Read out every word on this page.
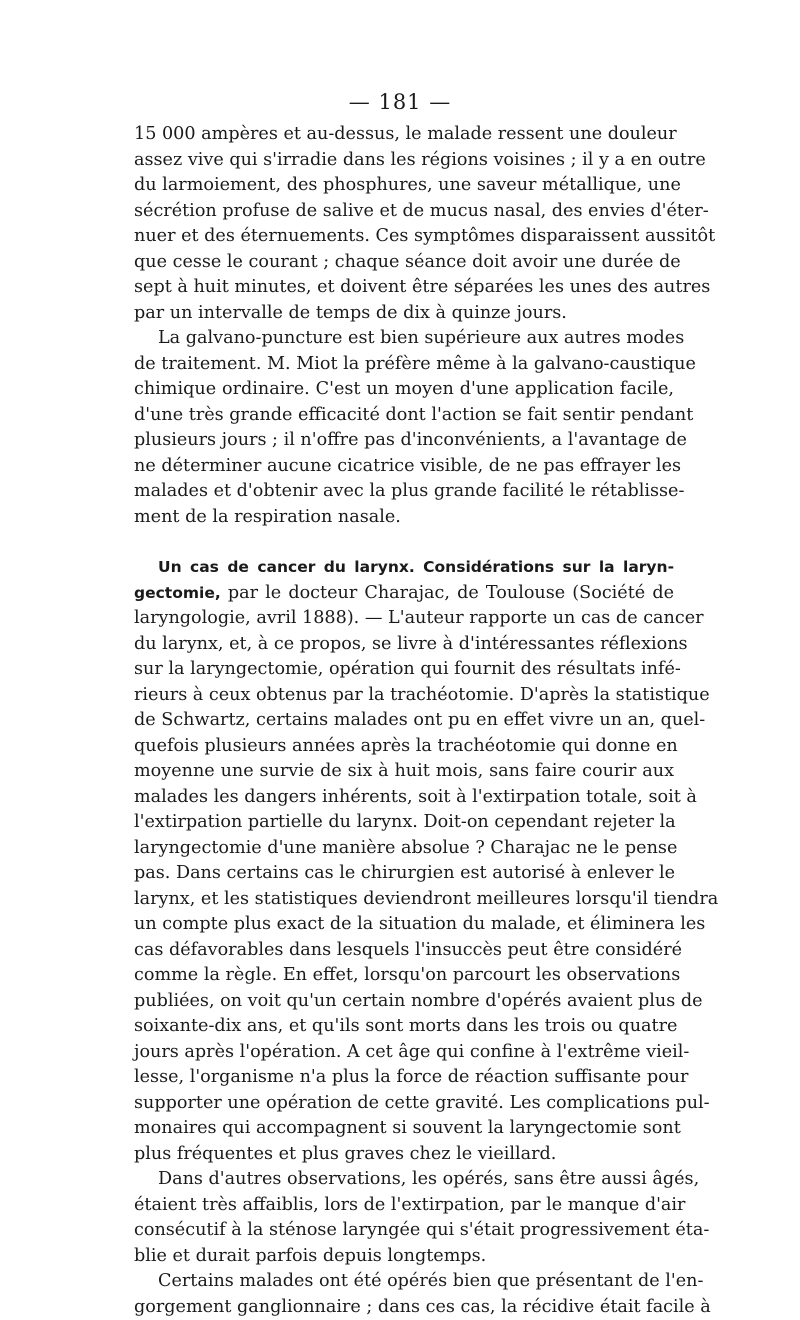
— 181 —
15 000 ampères et au-dessus, le malade ressent une douleur
assez vive qui s'irradie dans les régions voisines ; il y a en outre
du larmoiement, des phosphures, une saveur métallique, une
sécrétion profuse de salive et de mucus nasal, des envies d'éter-
nuer et des éternuements. Ces symptômes disparaissent aussitôt
que cesse le courant ; chaque séance doit avoir une durée de
sept à huit minutes, et doivent être séparées les unes des autres
par un intervalle de temps de dix à quinze jours.
La galvano-puncture est bien supérieure aux autres modes
de traitement. M. Miot la préfère même à la galvano-caustique
chimique ordinaire. C'est un moyen d'une application facile,
d'une très grande efficacité dont l'action se fait sentir pendant
plusieurs jours ; il n'offre pas d'inconvénients, a l'avantage de
ne déterminer aucune cicatrice visible, de ne pas effrayer les
malades et d'obtenir avec la plus grande facilité le rétablisse-
ment de la respiration nasale.
Un cas de cancer du larynx. Considérations sur la laryn-
gectomie, par le docteur Charajac, de Toulouse (Société de
laryngologie, avril 1888). — L'auteur rapporte un cas de cancer
du larynx, et, à ce propos, se livre à d'intéressantes réflexions
sur la laryngectomie, opération qui fournit des résultats infé-
rieurs à ceux obtenus par la trachéotomie. D'après la statistique
de Schwartz, certains malades ont pu en effet vivre un an, quel-
quefois plusieurs années après la trachéotomie qui donne en
moyenne une survie de six à huit mois, sans faire courir aux
malades les dangers inhérents, soit à l'extirpation totale, soit à
l'extirpation partielle du larynx. Doit-on cependant rejeter la
laryngectomie d'une manière absolue ? Charajac ne le pense
pas. Dans certains cas le chirurgien est autorisé à enlever le
larynx, et les statistiques deviendront meilleures lorsqu'il tiendra
un compte plus exact de la situation du malade, et éliminera les
cas défavorables dans lesquels l'insuccès peut être considéré
comme la règle. En effet, lorsqu'on parcourt les observations
publiées, on voit qu'un certain nombre d'opérés avaient plus de
soixante-dix ans, et qu'ils sont morts dans les trois ou quatre
jours après l'opération. A cet âge qui confine à l'extrême vieil-
lesse, l'organisme n'a plus la force de réaction suffisante pour
supporter une opération de cette gravité. Les complications pul-
monaires qui accompagnent si souvent la laryngectomie sont
plus fréquentes et plus graves chez le vieillard.
Dans d'autres observations, les opérés, sans être aussi âgés,
étaient très affaiblis, lors de l'extirpation, par le manque d'air
consécutif à la sténose laryngée qui s'était progressivement éta-
blie et durait parfois depuis longtemps.
Certains malades ont été opérés bien que présentant de l'en-
gorgement ganglionnaire ; dans ces cas, la récidive était facile à
